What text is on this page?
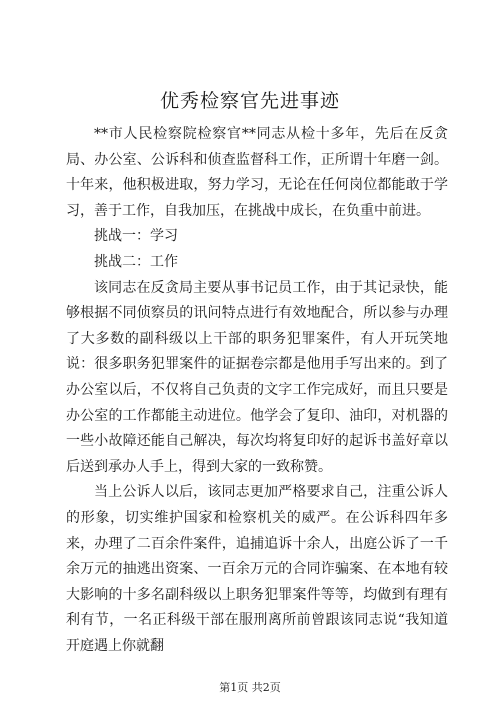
优秀检察官先进事迹

**市人民检察院检察官**同志从检十多年，先后在反贪局、办公室、公诉科和侦查监督科工作，正所谓十年磨一剑。十年来，他积极进取，努力学习，无论在任何岗位都能敢于学习，善于工作，自我加压，在挑战中成长，在负重中前进。

挑战一：学习

挑战二：工作

该同志在反贪局主要从事书记员工作，由于其记录快，能够根据不同侦察员的讯问特点进行有效地配合，所以参与办理了大多数的副科级以上干部的职务犯罪案件，有人开玩笑地说：很多职务犯罪案件的证据卷宗都是他用手写出来的。到了办公室以后，不仅将自己负责的文字工作完成好，而且只要是办公室的工作都能主动进位。他学会了复印、油印，对机器的一些小故障还能自己解决，每次均将复印好的起诉书盖好章以后送到承办人手上，得到大家的一致称赞。

当上公诉人以后，该同志更加严格要求自己，注重公诉人的形象，切实维护国家和检察机关的威严。在公诉科四年多来，办理了二百余件案件，追捕追诉十余人，出庭公诉了一千余万元的抽逃出资案、一百余万元的合同诈骗案、在本地有较大影响的十多名副科级以上职务犯罪案件等等，均做到有理有利有节，一名正科级干部在服刑离所前曾跟该同志说“我知道开庭遇上你就翻

第1页 共2页
